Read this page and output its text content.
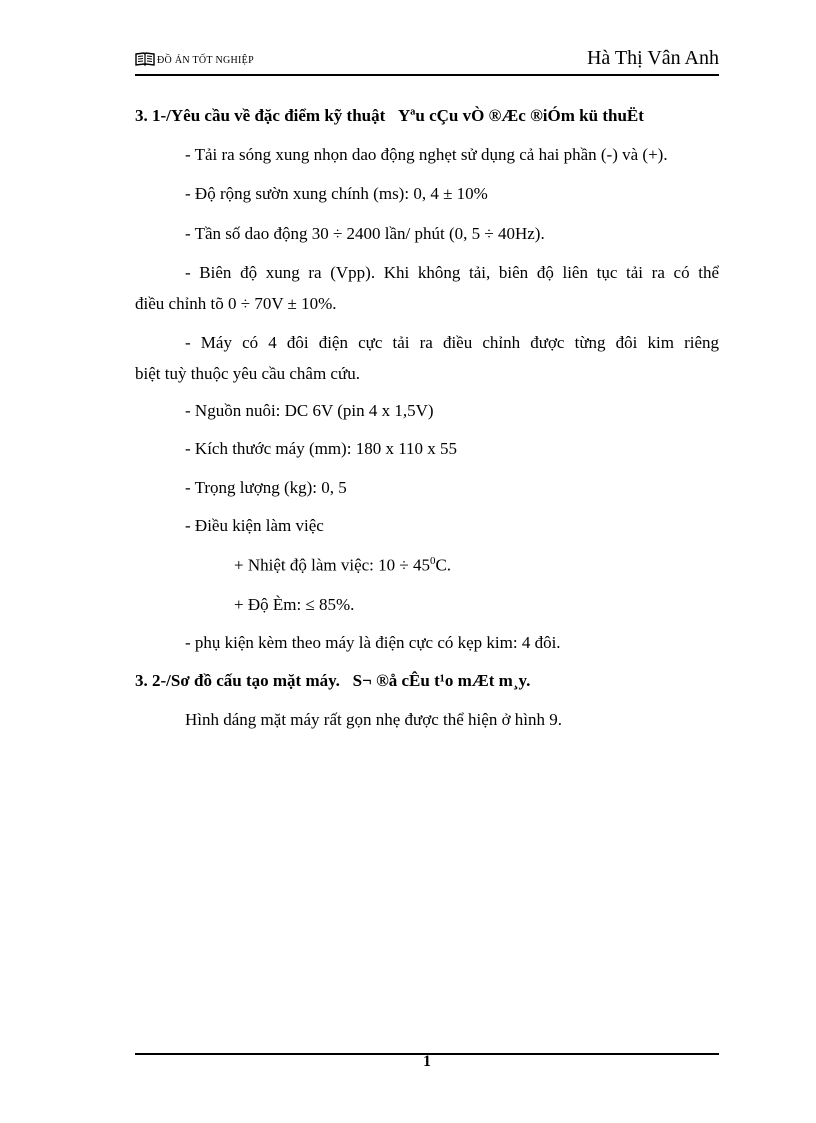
ĐỒ ÁN TỐT NGHIỆP	Hà Thị Vân Anh
3. 1-/Yêu cầu về đặc điểm kỹ thuật Yªu cÇu vÒ ®Æc ®iÓm kü thuËt
- Tải ra sóng xung nhọn dao động nghẹt sử dụng cả hai phần (-) và (+).
- Độ rộng sườn xung chính (ms): 0, 4 ± 10%
- Tần số dao động 30 ÷ 2400 lần/ phút (0, 5 ÷ 40Hz).
- Biên độ xung ra (Vpp). Khi không tải, biên độ liên tục tải ra có thể
điều chỉnh tõ 0 ÷ 70V ± 10%.
- Máy có 4 đôi điện cực tải ra điều chỉnh được từng đôi kim riêng
biệt tuỳ thuộc yêu cầu châm cứu.
- Nguồn nuôi: DC 6V (pin 4 x 1,5V)
- Kích thước máy (mm): 180 x 110 x 55
- Trọng lượng (kg): 0, 5
- Điều kiện làm việc
+ Nhiệt độ làm việc: $10 \div 45^0C$.
+ Độ Èm: ≤ 85%.
- phụ kiện kèm theo máy là điện cực có kẹp kim: 4 đôi.
3. 2-/Sơ đồ cấu tạo mặt máy. S¬ ®å cÊu t¹o mÆt m¸y.
Hình dáng mặt máy rất gọn nhẹ được thể hiện ở hình 9.
1
